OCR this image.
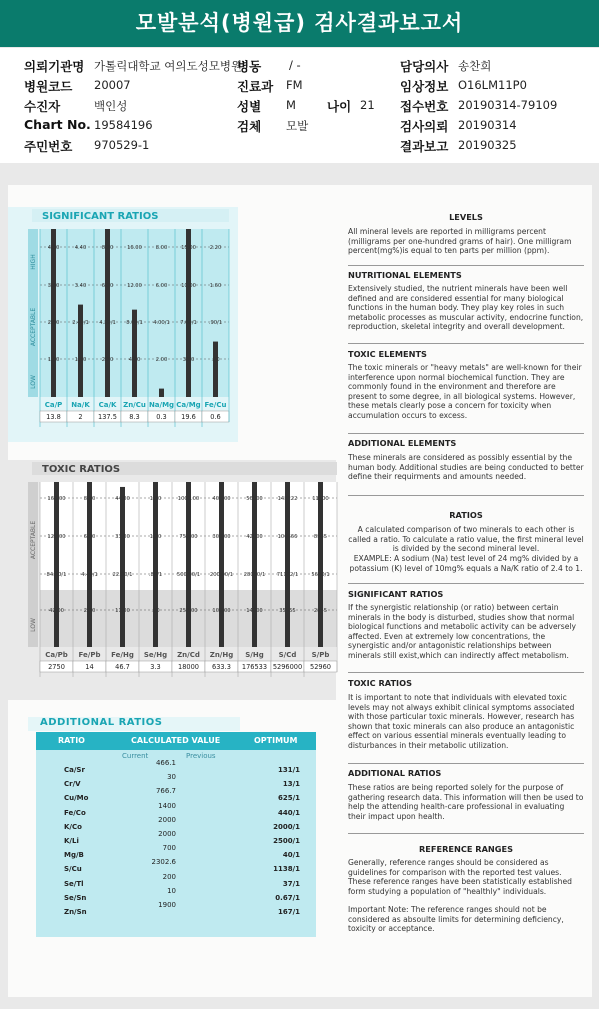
모발분석(병원급) 검사결과보고서
의뢰기관명 가톨릭대학교 여의도성모병원
병원코드 20007
수진자	백인성
Chart No. 19584196
주민번호 970529-1
병동 / -
진료과 FM
성별 M
검체 모발
나이 21
담당의사 송찬희
임상정보 O16LM11P0
접수번호 20190314-79109
검사의뢰 20190314
결과보고 20190325
SIGNIFICANT RATIOS
HIGH
ACCEPTABLE
LOW
4.60
3.60
2.60
1.60
Ca/P
13.8
4.40
3.40
2.40/1
1.40
Na/K
2
8.20
6.20
4.20/1
2.20
Ca/K
137.5
16.00
12.00
8.00/1
4.00
Zn/Cu
8.3
8.00
6.00
4.00/1
2.00
Na/Mg
0.3
15.00
11.00
7.00/1
3.00
Ca/Mg
19.6
2.20
1.60
.90/1
.20
Fe/Cu
0.6
TOXIC RATIOS
ACCEPTABLE
LOW
160.00
120.00
84.00/1
42.00
Ca/Pb
2750
8.80
6.60
4.40/1
2.20
Fe/Pb
14
44.00
33.00
22.00/1
11.00
Fe/Hg
46.7
1.60
1.20
.80/1
.40
Se/Hg
3.3
1000.00
750.00
500.00/1
250.00
Zn/Cd
18000
400.00
300.00
200.00/1
100.00
Zn/Hg
633.3
56000
42000
28000/1
14000
S/Hg
176533
142222
106666
71122/1
35555
S/Cd
5296000
11300
8535
5690/1
2845
S/Pb
52960
ADDITIONAL RATIOS
RATIO	CALCULATED VALUE	OPTIMUM
Current	Previous
Ca/Sr
466.1
131/1
Cr/V
30
13/1
Cu/Mo
766.7
625/1
Fe/Co
1400
440/1
K/Co
2000
2000/1
K/Li
2000
2500/1
Mg/B
700
40/1
S/Cu
2302.6
1138/1
Se/Tl
200
37/1
Se/Sn
10
0.67/1
Zn/Sn
1900
167/1
LEVELS

All mineral levels are reported in milligrams percent (milligrams per one-hundred grams of hair). One milligram percent(mg%)is equal to ten parts per million (ppm).

NUTRITIONAL ELEMENTS

Extensively studied, the nutrient minerals have been well defined and are considered essential for many biological functions in the human body. They play key roles in such metabolic processes as muscular activity, endocrine function, reproduction, skeletal integrity and overall development.

TOXIC ELEMENTS

The toxic minerals or "heavy metals" are well-known for their interference upon normal biochemical function. They are commonly found in the environment and therefore are present to some degree, in all biological systems. However, these metals clearly pose a concern for toxicity when accumulation occurs to excess.

ADDITIONAL ELEMENTS

These minerals are considered as possibly essential by the human body. Additional studies are being conducted to better define their requirments and amounts needed.

RATIOS

A calculated comparison of two minerals to each other is called a ratio. To calculate a ratio value, the first mineral level is divided by the second mineral level.

EXAMPLE: A sodium (Na) test level of 24 mg% divided by a potassium (K) level of 10mg% equals a Na/K ratio of 2.4 to 1.

SIGNIFICANT RATIOS

If the synergistic relationship (or ratio) between certain minerals in the body is disturbed, studies show that normal biological functions and metabolic activity can be adversely affected. Even at extremely low concentrations, the synergistic and/or antagonistic relationships between minerals still exist,which can indirectly affect metabolism.

TOXIC RATIOS

It is important to note that individuals with elevated toxic levels may not always exhibit clinical symptoms associated with those particular toxic minerals. However, research has shown that toxic minerals can also produce an antagonistic effect on various essential minerals eventually leading to disturbances in their metabolic utilization.

ADDITIONAL RATIOS

These ratios are being reported solely for the purpose of gathering research data. This information will then be used to help the attending health-care professional in evaluating their impact upon health.

REFERENCE RANGES

Generally, reference ranges should be considered as guidelines for comparison with the reported test values. These reference ranges have been statistically established form studying a population of "healthly" individuals.

Important Note: The reference ranges should not be considered as absoulte limits for determining deficiency, toxicity or acceptance.
